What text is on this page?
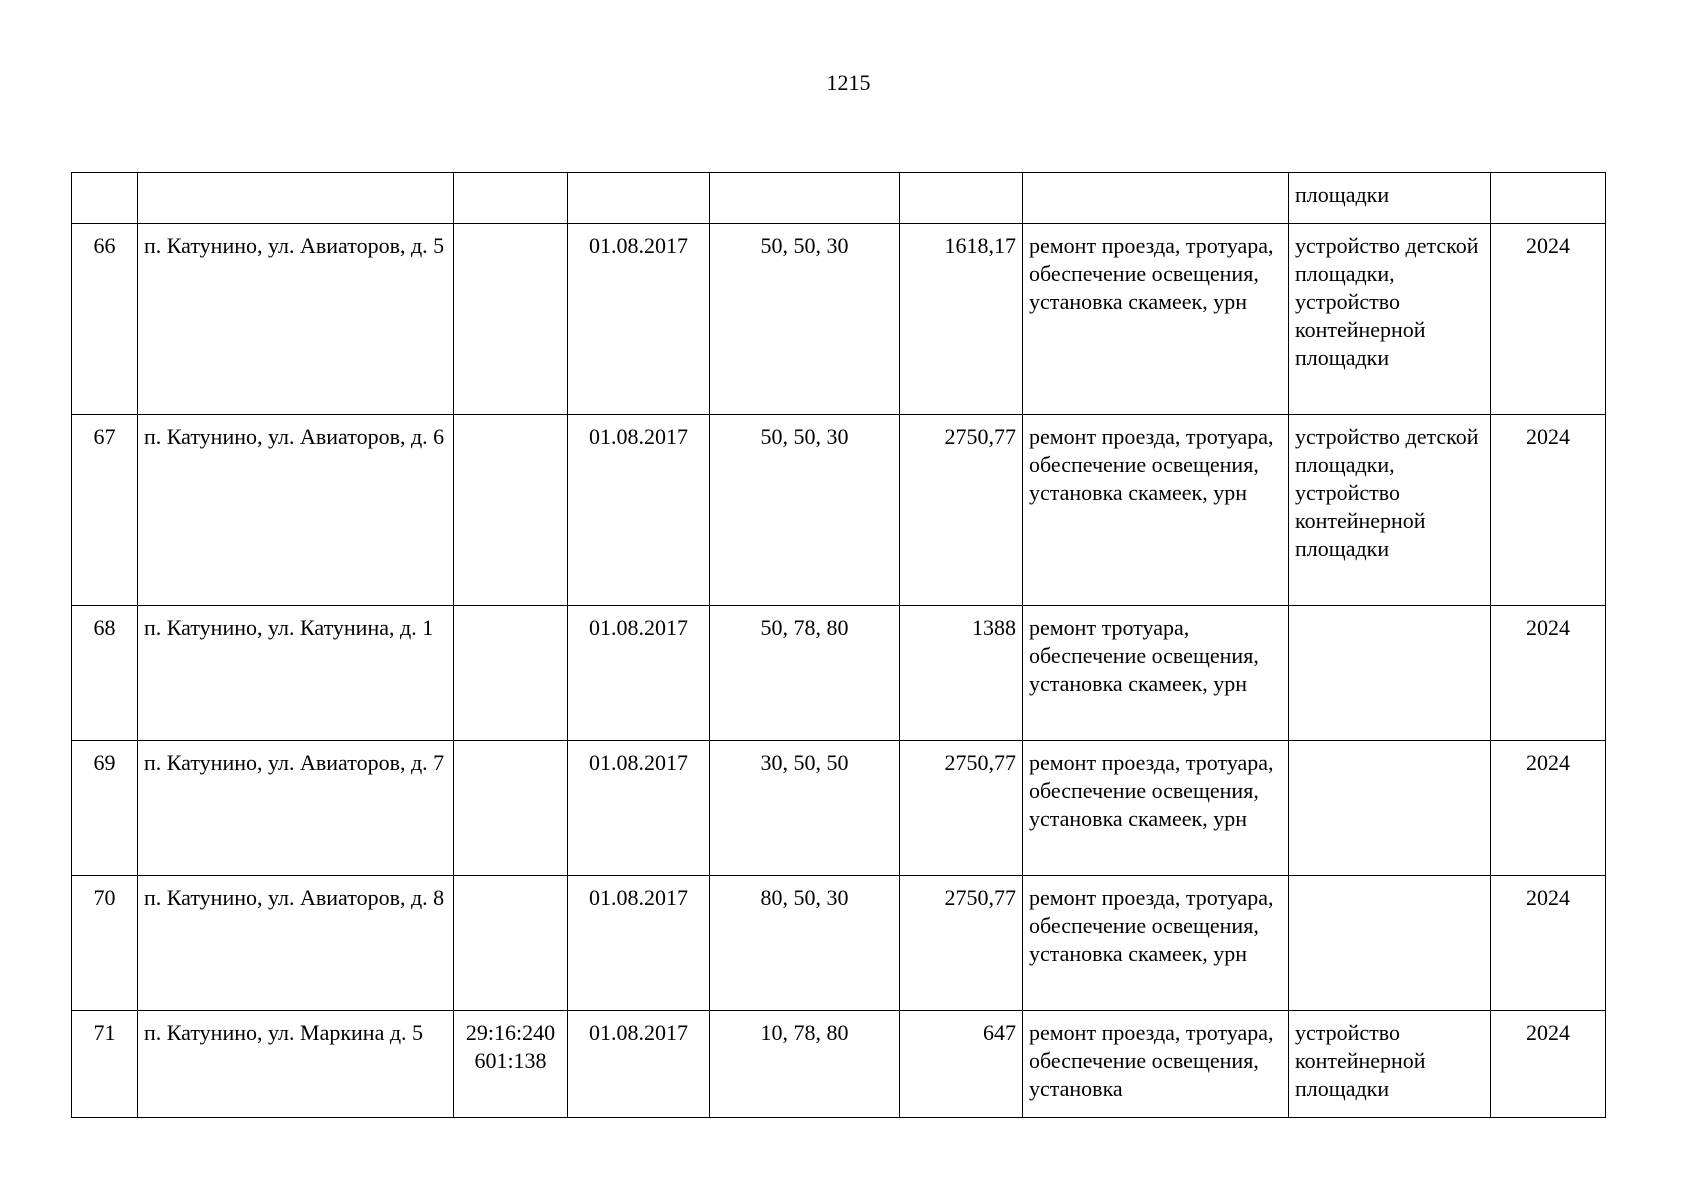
1215
							площадки	
66	п. Катунино, ул. Авиаторов, д. 5		01.08.2017	50, 50, 30	1618,17	ремонт проезда, тротуара, обеспечение освещения, установка скамеек, урн	устройство детской площадки, устройство контейнерной площадки	2024
67	п. Катунино, ул. Авиаторов, д. 6		01.08.2017	50, 50, 30	2750,77	ремонт проезда, тротуара, обеспечение освещения, установка скамеек, урн	устройство детской площадки, устройство контейнерной площадки	2024
68	п. Катунино, ул. Катунина, д. 1		01.08.2017	50, 78, 80	1388	ремонт тротуара, обеспечение освещения, установка скамеек, урн		2024
69	п. Катунино, ул. Авиаторов, д. 7		01.08.2017	30, 50, 50	2750,77	ремонт проезда, тротуара, обеспечение освещения, установка скамеек, урн		2024
70	п. Катунино, ул. Авиаторов, д. 8		01.08.2017	80, 50, 30	2750,77	ремонт проезда, тротуара, обеспечение освещения, установка скамеек, урн		2024
71	п. Катунино, ул. Маркина д. 5	29:16:240 601:138	01.08.2017	10, 78, 80	647	ремонт проезда, тротуара, обеспечение освещения, установка	устройство контейнерной площадки	2024
